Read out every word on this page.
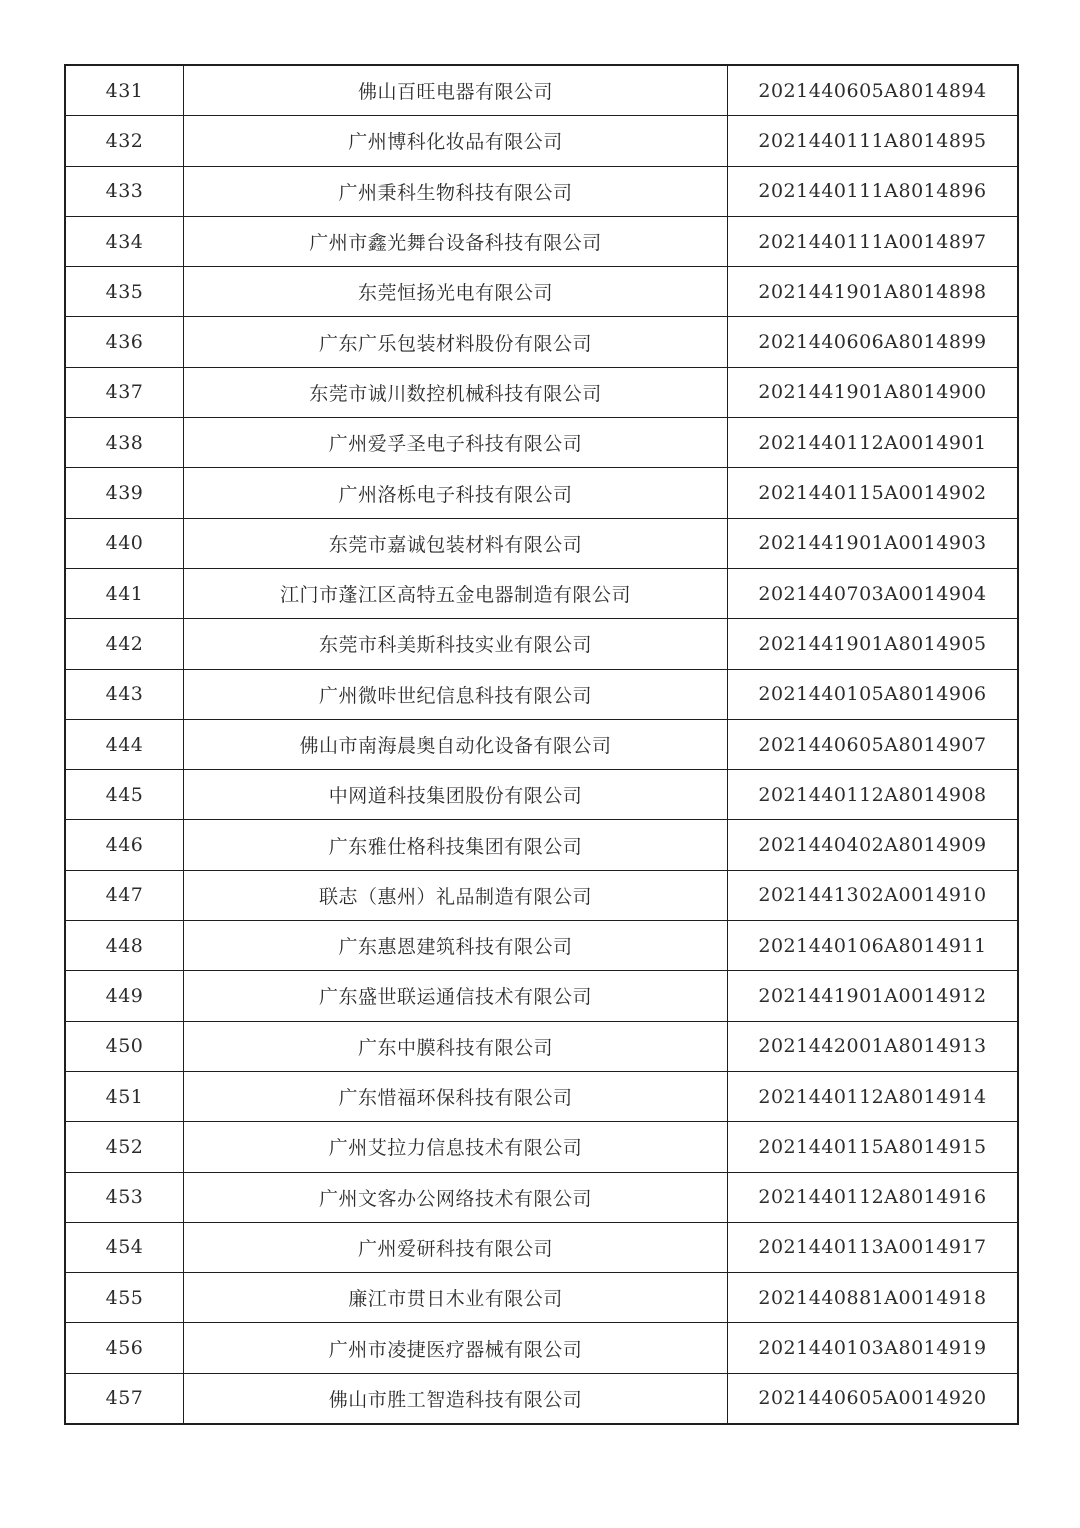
431	佛山百旺电器有限公司	2021440605A8014894
432	广州博科化妆品有限公司	2021440111A8014895
433	广州秉科生物科技有限公司	2021440111A8014896
434	广州市鑫光舞台设备科技有限公司	2021440111A0014897
435	东莞恒扬光电有限公司	2021441901A8014898
436	广东广乐包装材料股份有限公司	2021440606A8014899
437	东莞市诚川数控机械科技有限公司	2021441901A8014900
438	广州爱孚圣电子科技有限公司	2021440112A0014901
439	广州洛栎电子科技有限公司	2021440115A0014902
440	东莞市嘉诚包装材料有限公司	2021441901A0014903
441	江门市蓬江区高特五金电器制造有限公司	2021440703A0014904
442	东莞市科美斯科技实业有限公司	2021441901A8014905
443	广州微咔世纪信息科技有限公司	2021440105A8014906
444	佛山市南海晨奥自动化设备有限公司	2021440605A8014907
445	中网道科技集团股份有限公司	2021440112A8014908
446	广东雅仕格科技集团有限公司	2021440402A8014909
447	联志（惠州）礼品制造有限公司	2021441302A0014910
448	广东惠恩建筑科技有限公司	2021440106A8014911
449	广东盛世联运通信技术有限公司	2021441901A0014912
450	广东中膜科技有限公司	2021442001A8014913
451	广东惜福环保科技有限公司	2021440112A8014914
452	广州艾拉力信息技术有限公司	2021440115A8014915
453	广州文客办公网络技术有限公司	2021440112A8014916
454	广州爱研科技有限公司	2021440113A0014917
455	廉江市贯日木业有限公司	2021440881A0014918
456	广州市凌捷医疗器械有限公司	2021440103A8014919
457	佛山市胜工智造科技有限公司	2021440605A0014920
